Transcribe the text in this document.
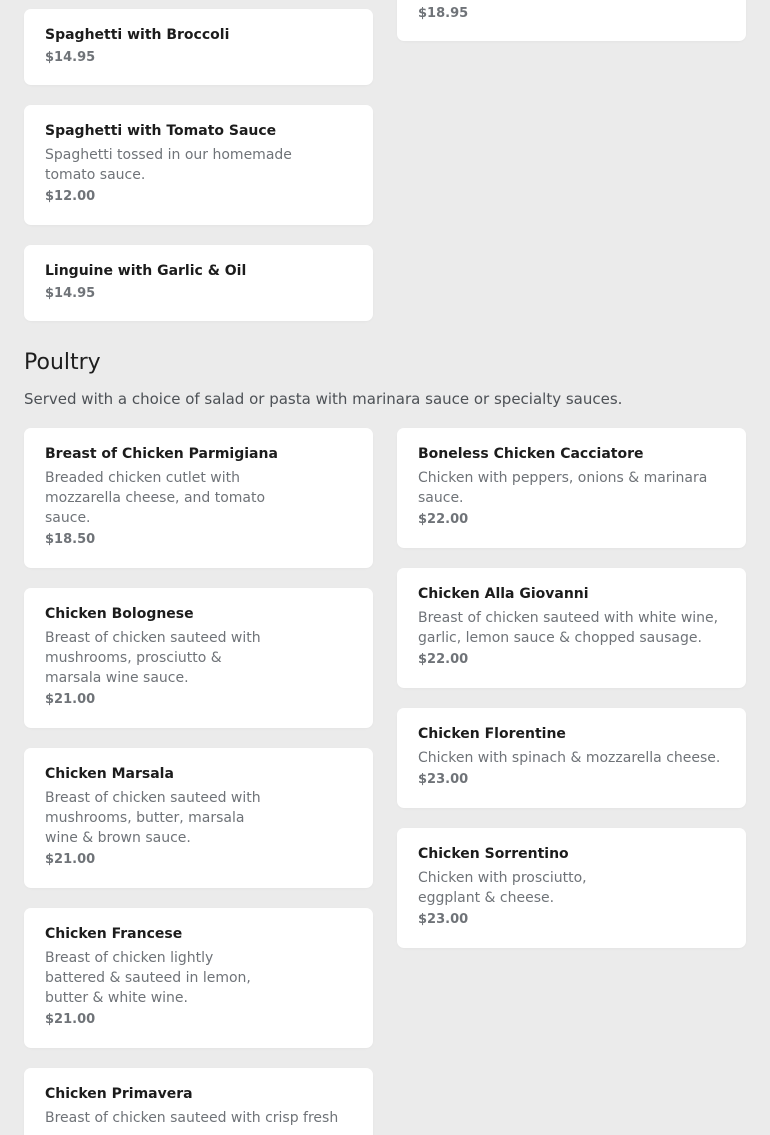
$18.95
Spaghetti with Broccoli
$14.95
Spaghetti with Tomato Sauce
Spaghetti tossed in our homemade tomato sauce.
$12.00
Linguine with Garlic & Oil
$14.95
Poultry

Served with a choice of salad or pasta with marinara sauce or specialty sauces.

Breast of Chicken Parmigiana
Breaded chicken cutlet with mozzarella cheese, and tomato sauce.
$18.50
Chicken Bolognese
Breast of chicken sauteed with mushrooms, prosciutto & marsala wine sauce.
$21.00
Chicken Marsala
Breast of chicken sauteed with mushrooms, butter, marsala wine & brown sauce.
$21.00
Chicken Francese
Breast of chicken lightly battered & sauteed in lemon, butter & white wine.
$21.00
Chicken Primavera
Breast of chicken sauteed with crisp fresh
Boneless Chicken Cacciatore
Chicken with peppers, onions & marinara sauce.
$22.00
Chicken Alla Giovanni
Breast of chicken sauteed with white wine, garlic, lemon sauce & chopped sausage.
$22.00
Chicken Florentine
Chicken with spinach & mozzarella cheese.
$23.00
Chicken Sorrentino
Chicken with prosciutto, eggplant & cheese.
$23.00
